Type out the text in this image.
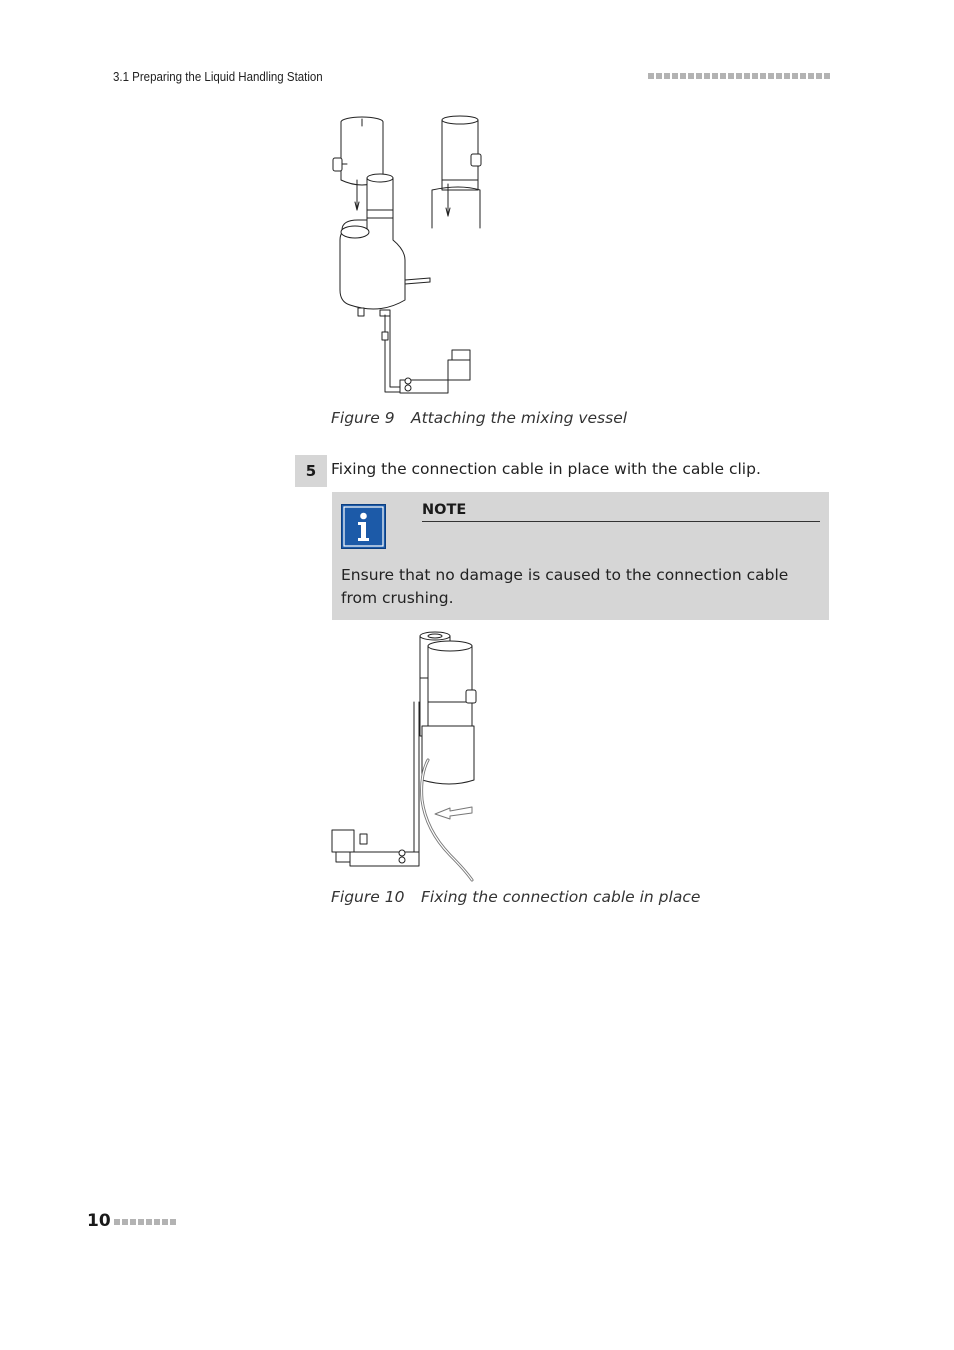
3.1 Preparing the Liquid Handling Station
Figure 9 Attaching the mixing vessel
5 Fixing the connection cable in place with the cable clip.
NOTE
Ensure that no damage is caused to the connection cable from crushing.
Figure 10 Fixing the connection cable in place
10
